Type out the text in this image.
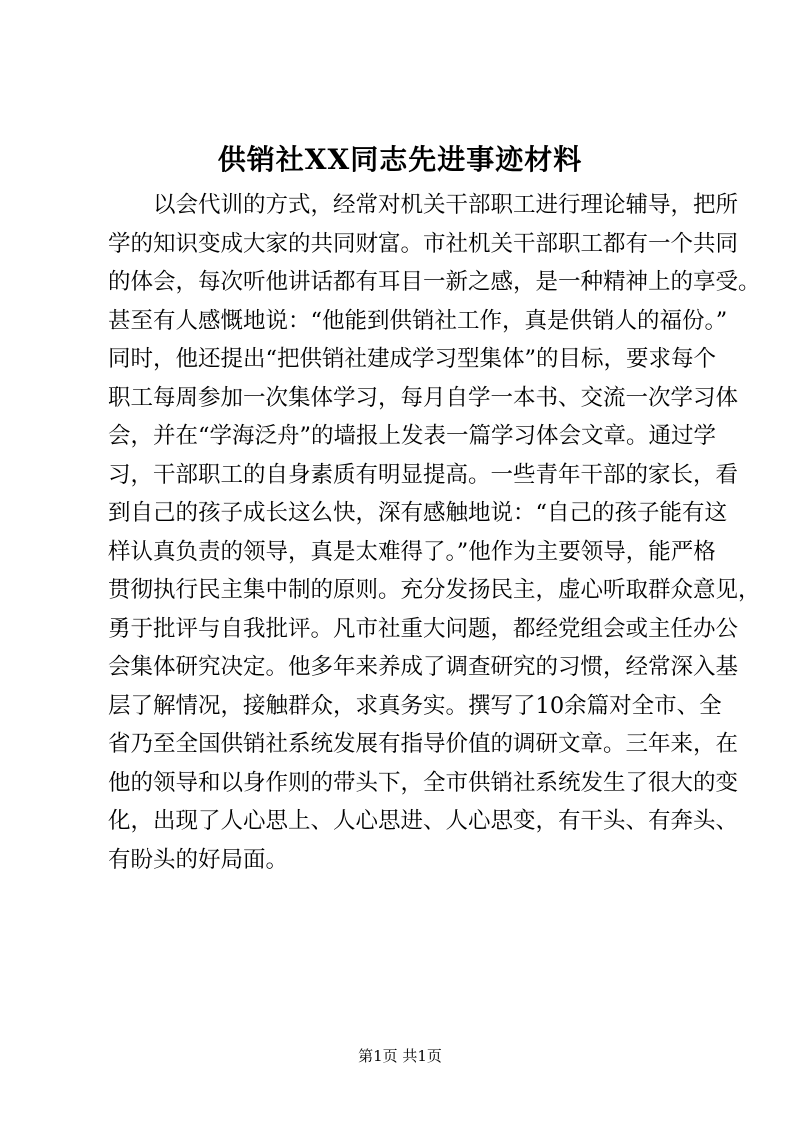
供销社XX同志先进事迹材料
以会代训的方式，经常对机关干部职工进行理论辅导，把所
学的知识变成大家的共同财富。市社机关干部职工都有一个共同
的体会，每次听他讲话都有耳目一新之感，是一种精神上的享受。
甚至有人感慨地说：“他能到供销社工作，真是供销人的福份。”
同时，他还提出“把供销社建成学习型集体”的目标，要求每个
职工每周参加一次集体学习，每月自学一本书、交流一次学习体
会，并在“学海泛舟”的墙报上发表一篇学习体会文章。通过学
习，干部职工的自身素质有明显提高。一些青年干部的家长，看
到自己的孩子成长这么快，深有感触地说：“自己的孩子能有这
样认真负责的领导，真是太难得了。”他作为主要领导，能严格
贯彻执行民主集中制的原则。充分发扬民主，虚心听取群众意见，
勇于批评与自我批评。凡市社重大问题，都经党组会或主任办公
会集体研究决定。他多年来养成了调查研究的习惯，经常深入基
层了解情况，接触群众，求真务实。撰写了10余篇对全市、全
省乃至全国供销社系统发展有指导价值的调研文章。三年来，在
他的领导和以身作则的带头下，全市供销社系统发生了很大的变
化，出现了人心思上、人心思进、人心思变，有干头、有奔头、
有盼头的好局面。
第1页 共1页
